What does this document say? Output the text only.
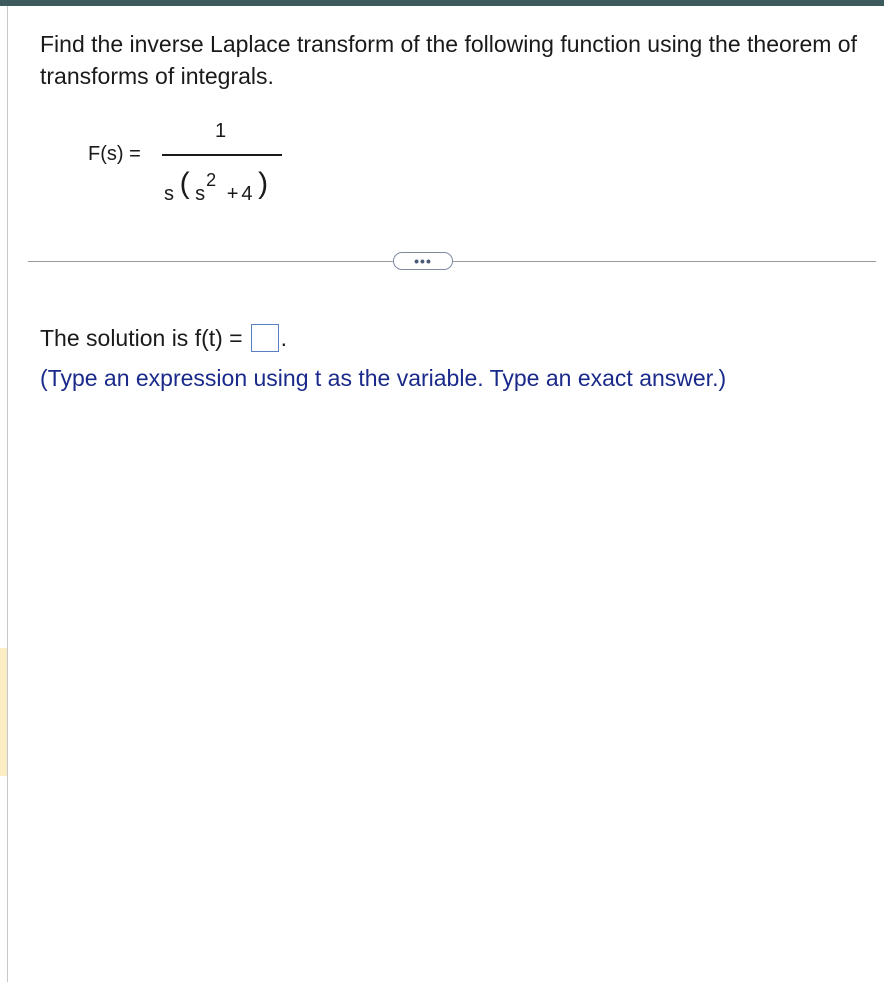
Find the inverse Laplace transform of the following function using the theorem of transforms of integrals.
F(s) =
1
s ( s2 + 4 )
•••
The solution is f(t) = .
(Type an expression using t as the variable. Type an exact answer.)
